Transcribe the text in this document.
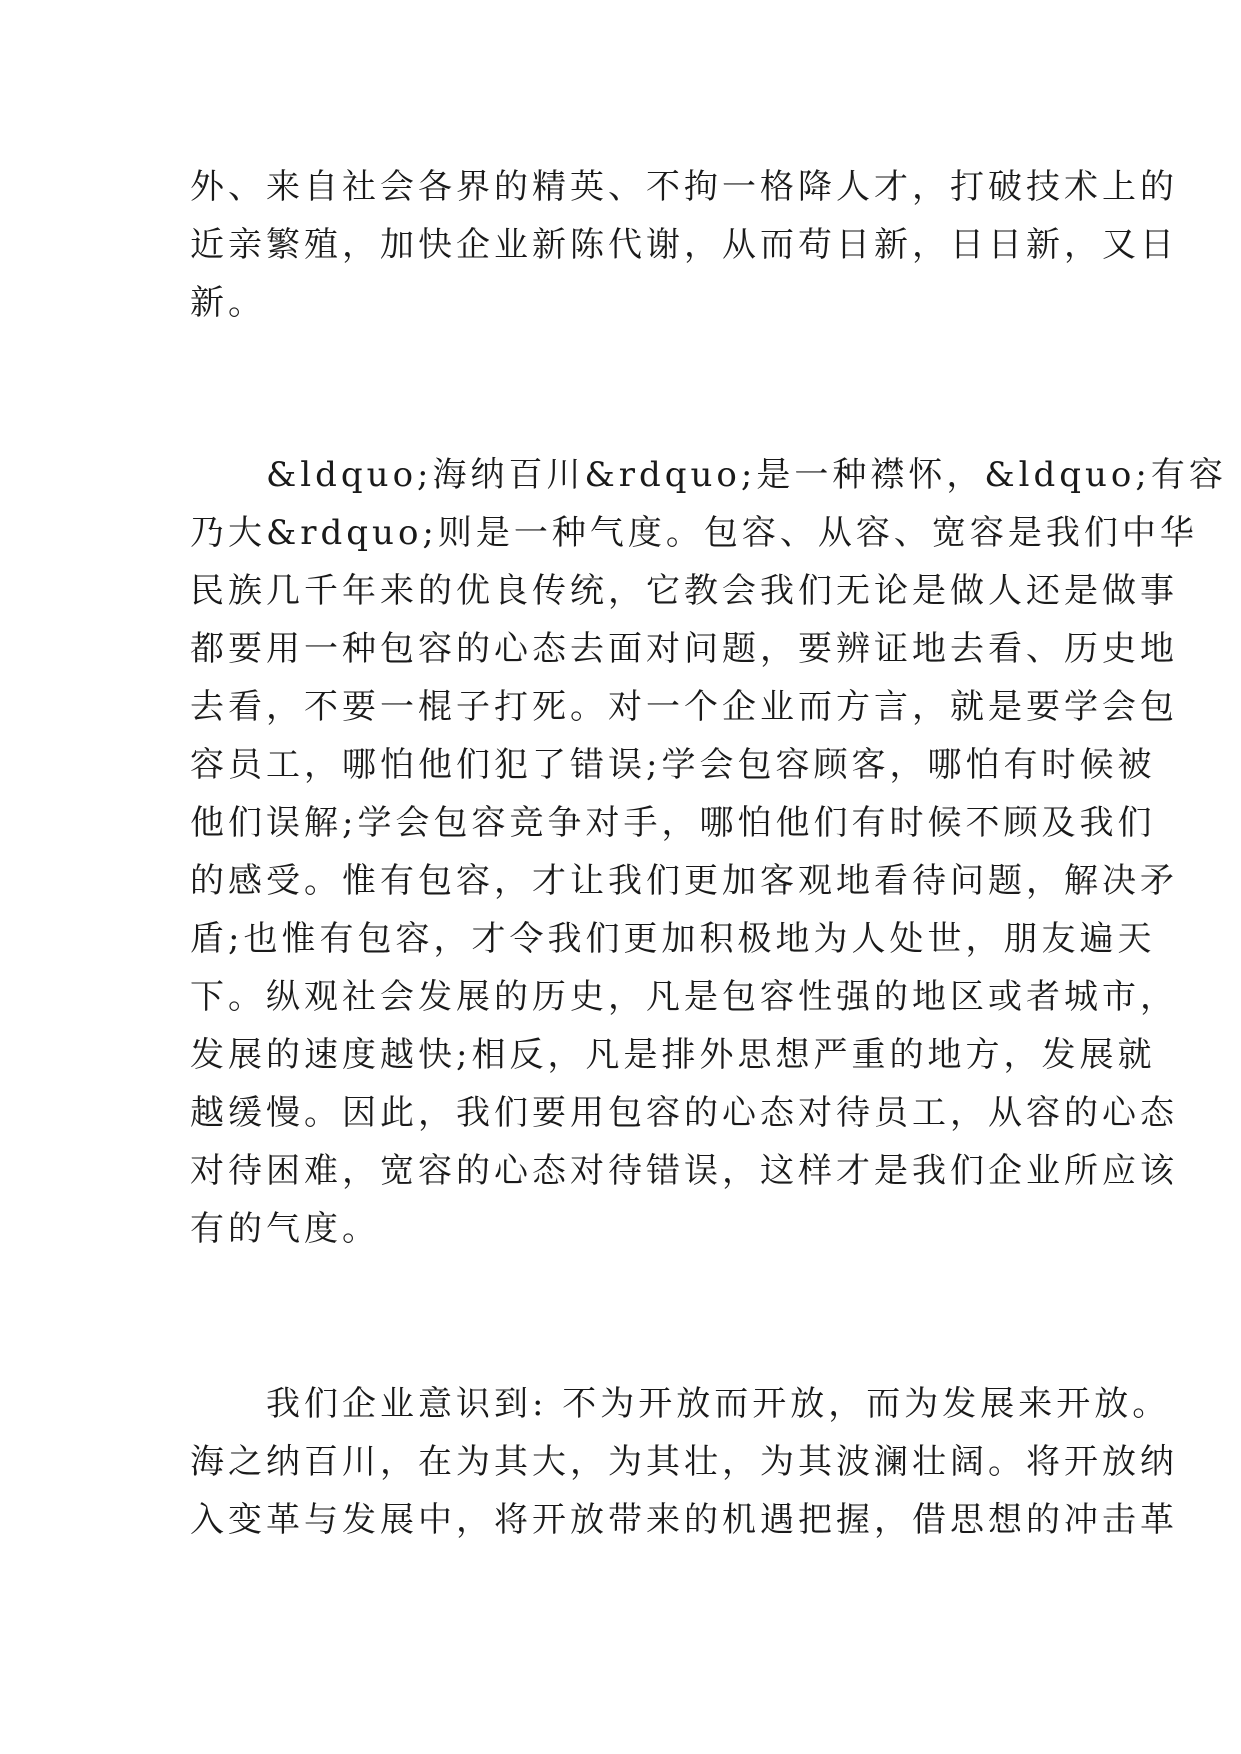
外、来自社会各界的精英、不拘一格降人才，打破技术上的
近亲繁殖，加快企业新陈代谢，从而苟日新，日日新，又日
新。
　　&ldquo;海纳百川&rdquo;是一种襟怀，&ldquo;有容
乃大&rdquo;则是一种气度。包容、从容、宽容是我们中华
民族几千年来的优良传统，它教会我们无论是做人还是做事
都要用一种包容的心态去面对问题，要辨证地去看、历史地
去看，不要一棍子打死。对一个企业而方言，就是要学会包
容员工，哪怕他们犯了错误;学会包容顾客，哪怕有时候被
他们误解;学会包容竞争对手，哪怕他们有时候不顾及我们
的感受。惟有包容，才让我们更加客观地看待问题，解决矛
盾;也惟有包容，才令我们更加积极地为人处世，朋友遍天
下。纵观社会发展的历史，凡是包容性强的地区或者城市，
发展的速度越快;相反，凡是排外思想严重的地方，发展就
越缓慢。因此，我们要用包容的心态对待员工，从容的心态
对待困难，宽容的心态对待错误，这样才是我们企业所应该
有的气度。
　　我们企业意识到: 不为开放而开放，而为发展来开放。
海之纳百川，在为其大，为其壮，为其波澜壮阔。将开放纳
入变革与发展中，将开放带来的机遇把握，借思想的冲击革
